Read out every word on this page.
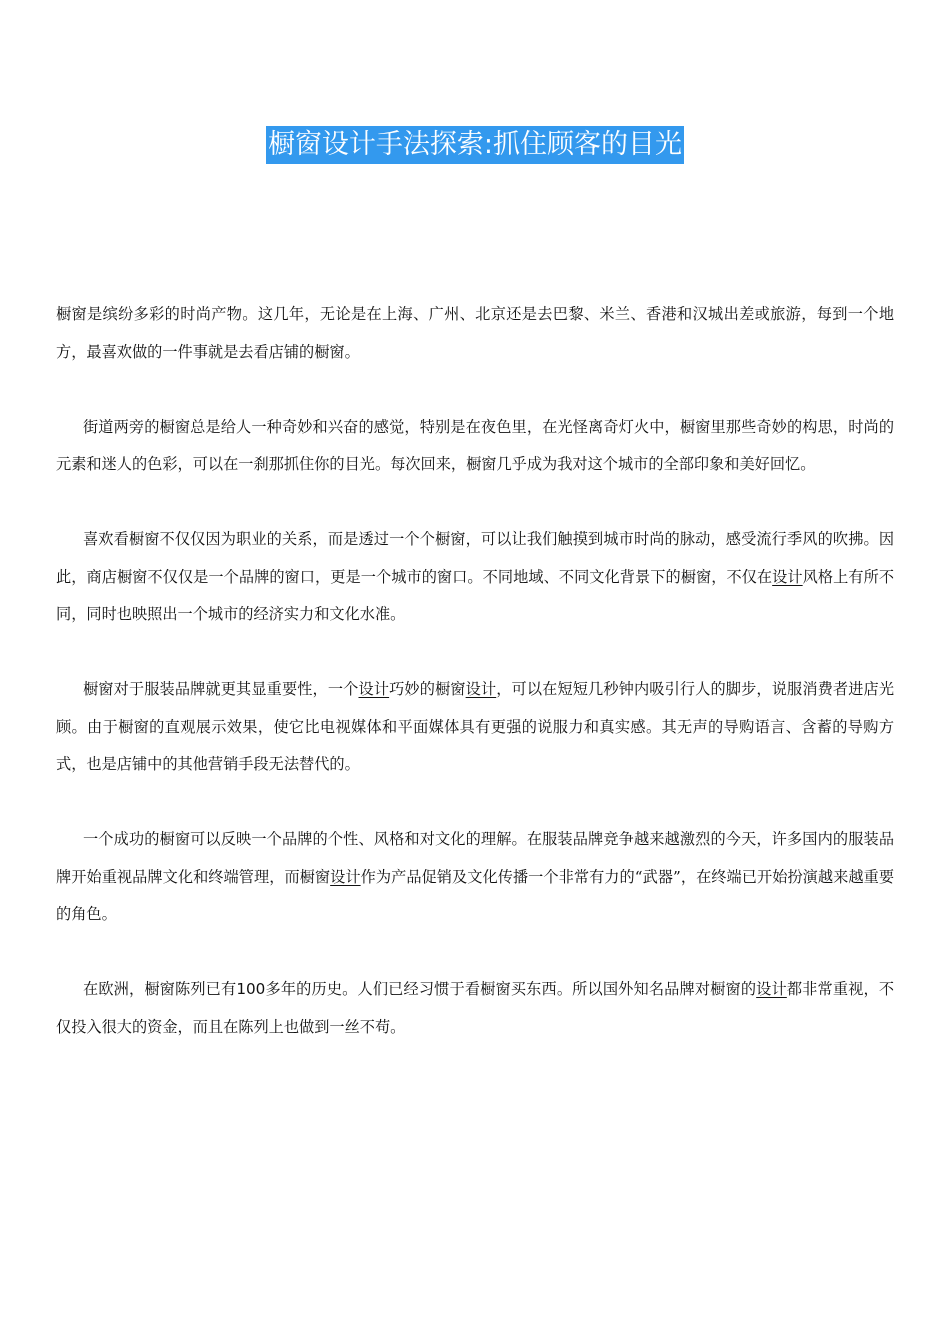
橱窗设计手法探索:抓住顾客的目光

橱窗是缤纷多彩的时尚产物。这几年，无论是在上海、广州、北京还是去巴黎、米兰、香港和汉城出差或旅游，每到一个地方，最喜欢做的一件事就是去看店铺的橱窗。

街道两旁的橱窗总是给人一种奇妙和兴奋的感觉，特别是在夜色里，在光怪离奇灯火中，橱窗里那些奇妙的构思，时尚的元素和迷人的色彩，可以在一刹那抓住你的目光。每次回来，橱窗几乎成为我对这个城市的全部印象和美好回忆。

喜欢看橱窗不仅仅因为职业的关系，而是透过一个个橱窗，可以让我们触摸到城市时尚的脉动，感受流行季风的吹拂。因此，商店橱窗不仅仅是一个品牌的窗口，更是一个城市的窗口。不同地域、不同文化背景下的橱窗，不仅在设计风格上有所不同，同时也映照出一个城市的经济实力和文化水准。

橱窗对于服装品牌就更其显重要性，一个设计巧妙的橱窗设计，可以在短短几秒钟内吸引行人的脚步，说服消费者进店光顾。由于橱窗的直观展示效果，使它比电视媒体和平面媒体具有更强的说服力和真实感。其无声的导购语言、含蓄的导购方式，也是店铺中的其他营销手段无法替代的。

一个成功的橱窗可以反映一个品牌的个性、风格和对文化的理解。在服装品牌竞争越来越激烈的今天，许多国内的服装品牌开始重视品牌文化和终端管理，而橱窗设计作为产品促销及文化传播一个非常有力的“武器”，在终端已开始扮演越来越重要的角色。

在欧洲，橱窗陈列已有100多年的历史。人们已经习惯于看橱窗买东西。所以国外知名品牌对橱窗的设计都非常重视，不仅投入很大的资金，而且在陈列上也做到一丝不苟。
